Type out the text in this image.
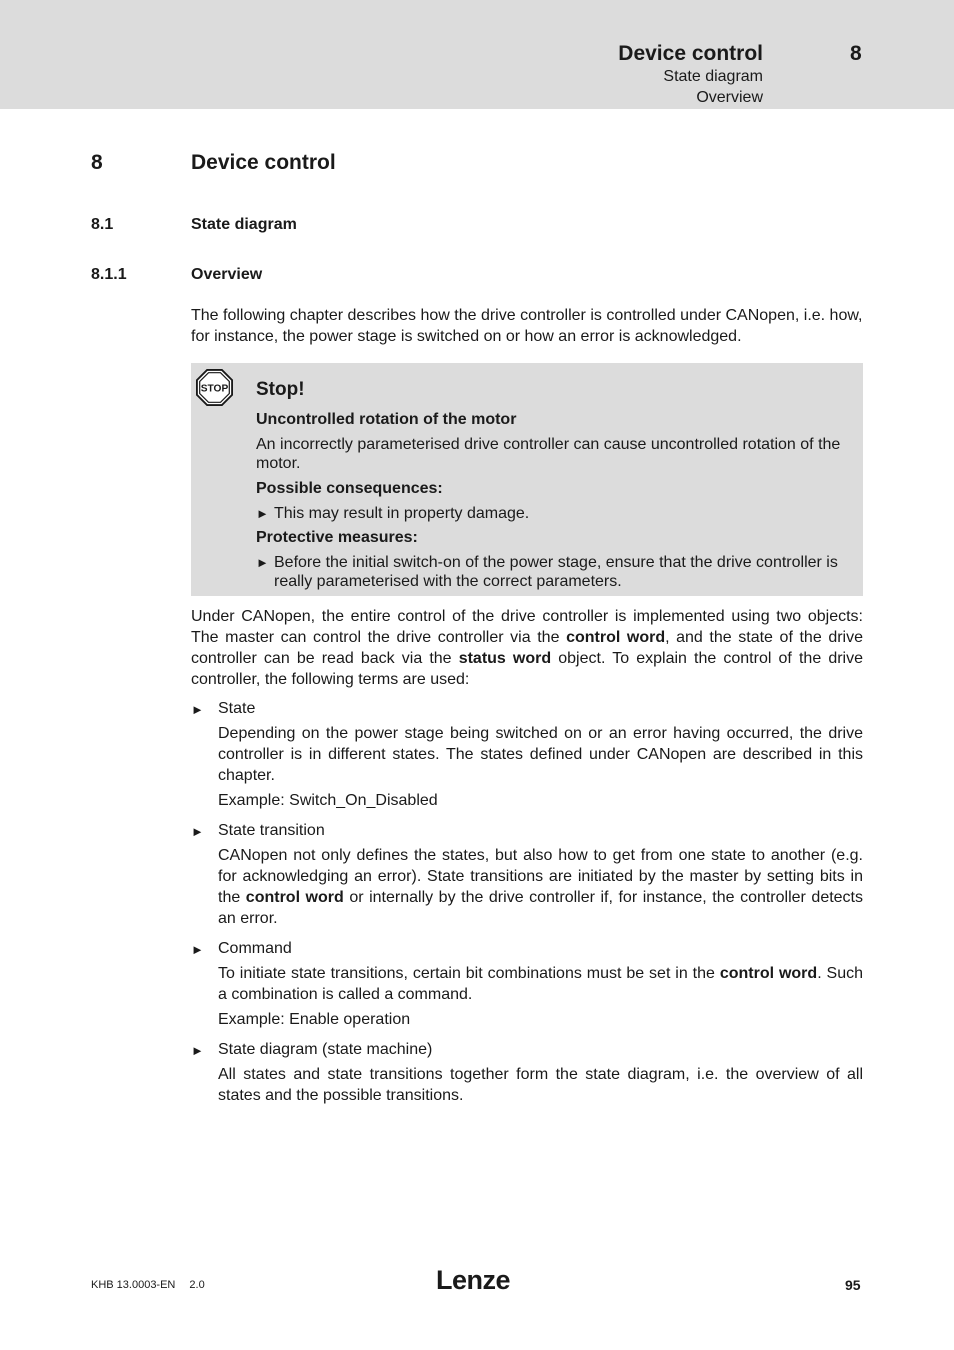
Device control	8
State diagram
Overview
8	Device control
8.1	State diagram
8.1.1	Overview

The following chapter describes how the drive controller is controlled under CANopen, i.e. how, for instance, the power stage is switched on or how an error is acknowledged.

STOP Stop!
Uncontrolled rotation of the motor
An incorrectly parameterised drive controller can cause uncontrolled rotation of the motor.
Possible consequences:
► This may result in property damage.
Protective measures:
► Before the initial switch-on of the power stage, ensure that the drive controller is really parameterised with the correct parameters.

Under CANopen, the entire control of the drive controller is implemented using two objects: The master can control the drive controller via the control word, and the state of the drive controller can be read back via the status word object. To explain the control of the drive controller, the following terms are used:

► State

Depending on the power stage being switched on or an error having occurred, the drive controller is in different states. The states defined under CANopen are described in this chapter.

Example: Switch_On_Disabled
► State transition

CANopen not only defines the states, but also how to get from one state to another (e.g. for acknowledging an error). State transitions are initiated by the master by setting bits in the control word or internally by the drive controller if, for instance, the controller detects an error.

► Command

To initiate state transitions, certain bit combinations must be set in the control word. Such a combination is called a command.

Example: Enable operation
► State diagram (state machine)

All states and state transitions together form the state diagram, i.e. the overview of all states and the possible transitions.

KHB 13.0003-EN 2.0	Lenze	95
